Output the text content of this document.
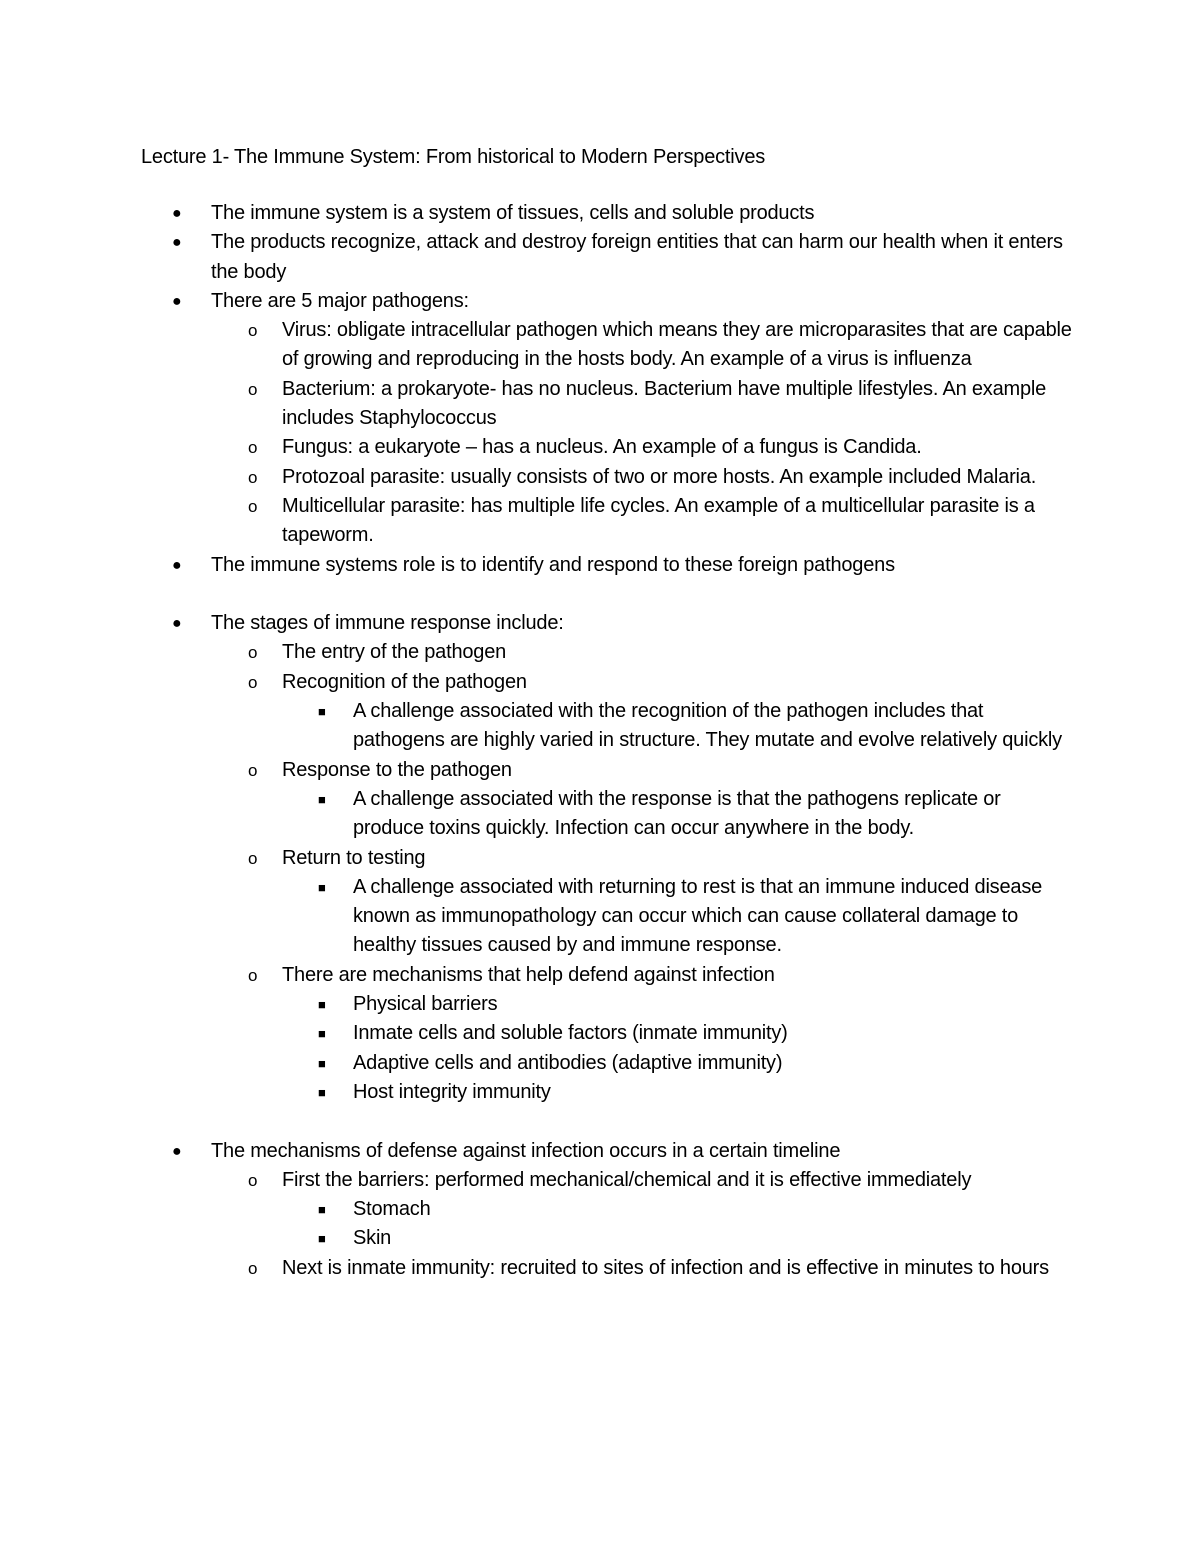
Lecture 1- The Immune System: From historical to Modern Perspectives
● The immune system is a system of tissues, cells and soluble products
● The products recognize, attack and destroy foreign entities that can harm our health when it enters the body
● There are 5 major pathogens:
o Virus: obligate intracellular pathogen which means they are microparasites that are capable of growing and reproducing in the hosts body. An example of a virus is influenza
o Bacterium: a prokaryote- has no nucleus. Bacterium have multiple lifestyles. An example includes Staphylococcus
o Fungus: a eukaryote – has a nucleus. An example of a fungus is Candida.
o Protozoal parasite: usually consists of two or more hosts. An example included Malaria.
o Multicellular parasite: has multiple life cycles. An example of a multicellular parasite is a tapeworm.
● The immune systems role is to identify and respond to these foreign pathogens
● The stages of immune response include:
o The entry of the pathogen
o Recognition of the pathogen
■ A challenge associated with the recognition of the pathogen includes that pathogens are highly varied in structure. They mutate and evolve relatively quickly
o Response to the pathogen
■ A challenge associated with the response is that the pathogens replicate or produce toxins quickly. Infection can occur anywhere in the body.
o Return to testing
■ A challenge associated with returning to rest is that an immune induced disease known as immunopathology can occur which can cause collateral damage to healthy tissues caused by and immune response.
o There are mechanisms that help defend against infection
■ Physical barriers
■ Inmate cells and soluble factors (inmate immunity)
■ Adaptive cells and antibodies (adaptive immunity)
■ Host integrity immunity
● The mechanisms of defense against infection occurs in a certain timeline
o First the barriers: performed mechanical/chemical and it is effective immediately
■ Stomach
■ Skin
o Next is inmate immunity: recruited to sites of infection and is effective in minutes to hours
